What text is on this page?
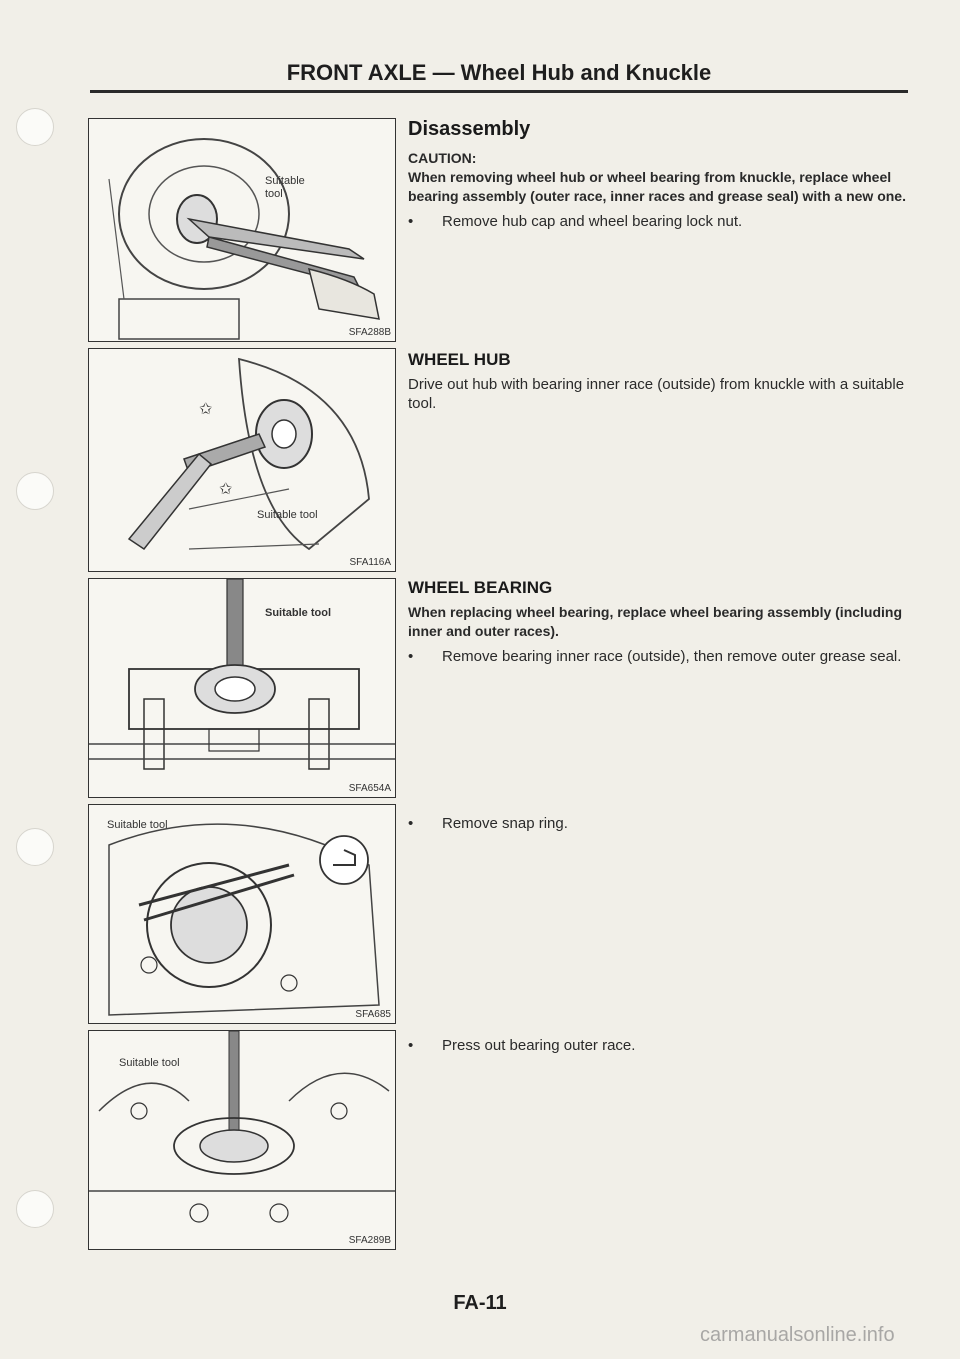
FRONT AXLE — Wheel Hub and Knuckle
Suitable
tool
SFA288B
✩
✩
Suitable tool
SFA116A
Suitable tool
SFA654A
Suitable tool
SFA685
Suitable tool
SFA289B
Disassembly
CAUTION:
When removing wheel hub or wheel bearing from knuckle, replace wheel bearing assembly (outer race, inner races and grease seal) with a new one.
• Remove hub cap and wheel bearing lock nut.
WHEEL HUB
Drive out hub with bearing inner race (outside) from knuckle with a suitable tool.
WHEEL BEARING
When replacing wheel bearing, replace wheel bearing assembly (including inner and outer races).
• Remove bearing inner race (outside), then remove outer grease seal.
• Remove snap ring.
• Press out bearing outer race.
FA-11
carmanualsonline.info
